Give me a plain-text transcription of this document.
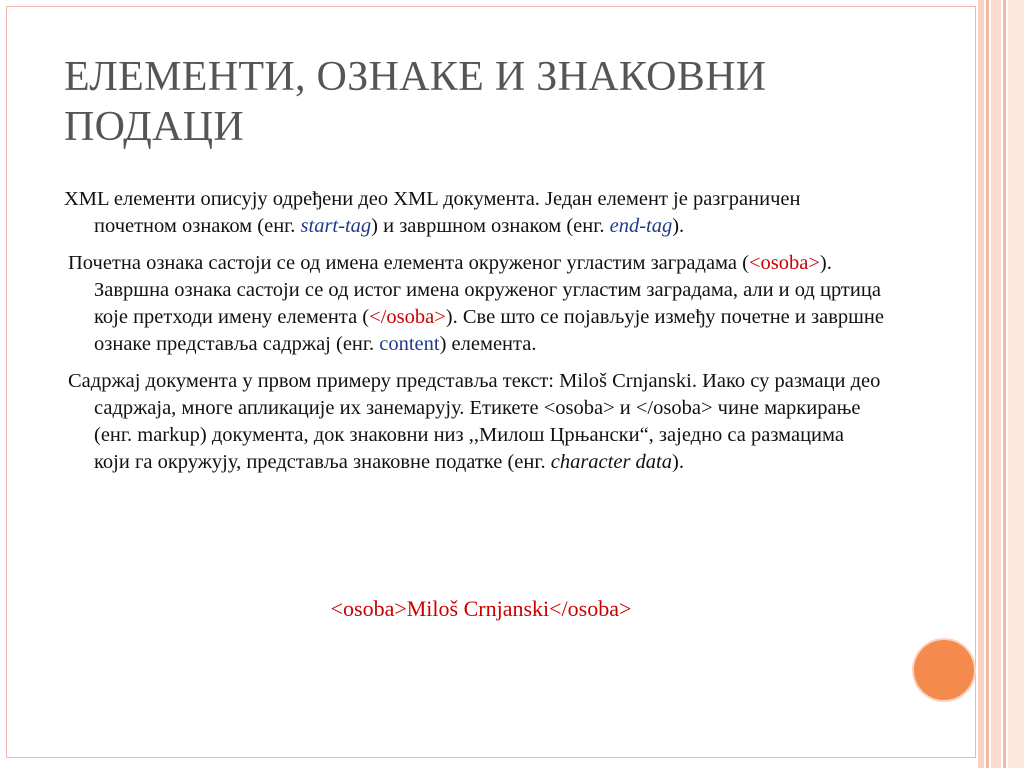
ЕЛЕМЕНТИ, ОЗНАКЕ И ЗНАКОВНИ ПОДАЦИ

XML елементи описују одређени део XML документа. Један елемент је разграничен почетном ознаком (енг. start-tag) и завршном ознаком (енг. end-tag).

Почетна ознака састоји се од имена елемента окруженог угластим заградама (<osoba>). Завршна ознака састоји се од истог имена окруженог угластим заградама, али и од цртица које претходи имену елемента (</osoba>). Све што се појављује између почетне и завршне ознаке представља садржај (енг. content) елемента.

Садржај документа у првом примеру представља текст: Miloš Crnjanski. Иако су размаци део садржаја, многе апликације их занемарују. Етикете <osoba> и </osoba> чине маркирање (енг. markup) документа, док знаковни низ ,,Милош Црњански“, заједно са размацима који га окружују, представља знаковне податке (енг. character data).

<osoba>Miloš Crnjanski</osoba>
